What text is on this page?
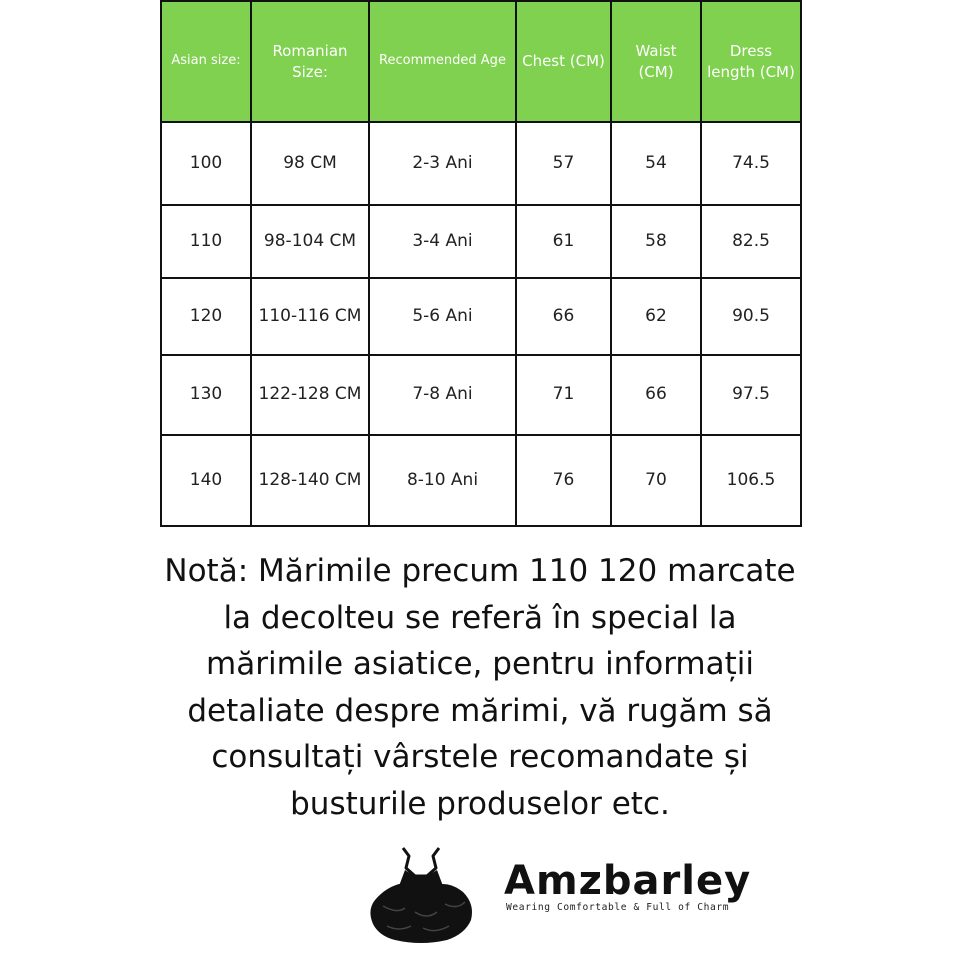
Asian size:	Romanian Size:	Recommended Age	Chest (CM)	Waist (CM)	Dress length (CM)
100	98 CM	2-3 Ani	57	54	74.5
110	98-104 CM	3-4 Ani	61	58	82.5
120	110-116 CM	5-6 Ani	66	62	90.5
130	122-128 CM	7-8 Ani	71	66	97.5
140	128-140 CM	8-10 Ani	76	70	106.5
Notă: Mărimile precum 110 120 marcate
la decolteu se referă în special la
mărimile asiatice, pentru informații
detaliate despre mărimi, vă rugăm să
consultați vârstele recomandate și
busturile produselor etc.
Amzbarley
Wearing Comfortable & Full of Charm
